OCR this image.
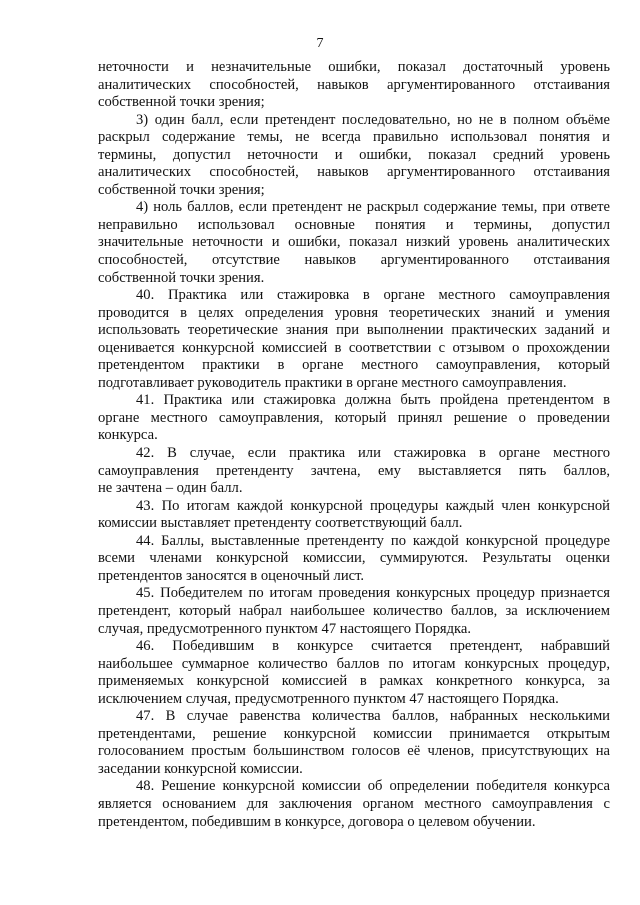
7
неточности и незначительные ошибки, показал достаточный уровень
аналитических способностей, навыков аргументированного отстаивания
собственной точки зрения;
3) один балл, если претендент последовательно, но не в полном объёме
раскрыл содержание темы, не всегда правильно использовал понятия и
термины, допустил неточности и ошибки, показал средний уровень
аналитических способностей, навыков аргументированного отстаивания
собственной точки зрения;
4) ноль баллов, если претендент не раскрыл содержание темы, при ответе
неправильно использовал основные понятия и термины, допустил
значительные неточности и ошибки, показал низкий уровень аналитических
способностей, отсутствие навыков аргументированного отстаивания
собственной точки зрения.
40. Практика или стажировка в органе местного самоуправления
проводится в целях определения уровня теоретических знаний и умения
использовать теоретические знания при выполнении практических заданий и
оценивается конкурсной комиссией в соответствии с отзывом о прохождении
претендентом практики в органе местного самоуправления, который
подготавливает руководитель практики в органе местного самоуправления.
41. Практика или стажировка должна быть пройдена претендентом в
органе местного самоуправления, который принял решение о проведении
конкурса.
42. В случае, если практика или стажировка в органе местного
самоуправления претенденту зачтена, ему выставляется пять баллов,
не зачтена – один балл.
43. По итогам каждой конкурсной процедуры каждый член конкурсной
комиссии выставляет претенденту соответствующий балл.
44. Баллы, выставленные претенденту по каждой конкурсной процедуре
всеми членами конкурсной комиссии, суммируются. Результаты оценки
претендентов заносятся в оценочный лист.
45. Победителем по итогам проведения конкурсных процедур признается
претендент, который набрал наибольшее количество баллов, за исключением
случая, предусмотренного пунктом 47 настоящего Порядка.
46. Победившим в конкурсе считается претендент, набравший
наибольшее суммарное количество баллов по итогам конкурсных процедур,
применяемых конкурсной комиссией в рамках конкретного конкурса, за
исключением случая, предусмотренного пунктом 47 настоящего Порядка.
47. В случае равенства количества баллов, набранных несколькими
претендентами, решение конкурсной комиссии принимается открытым
голосованием простым большинством голосов её членов, присутствующих на
заседании конкурсной комиссии.
48. Решение конкурсной комиссии об определении победителя конкурса
является основанием для заключения органом местного самоуправления с
претендентом, победившим в конкурсе, договора о целевом обучении.
